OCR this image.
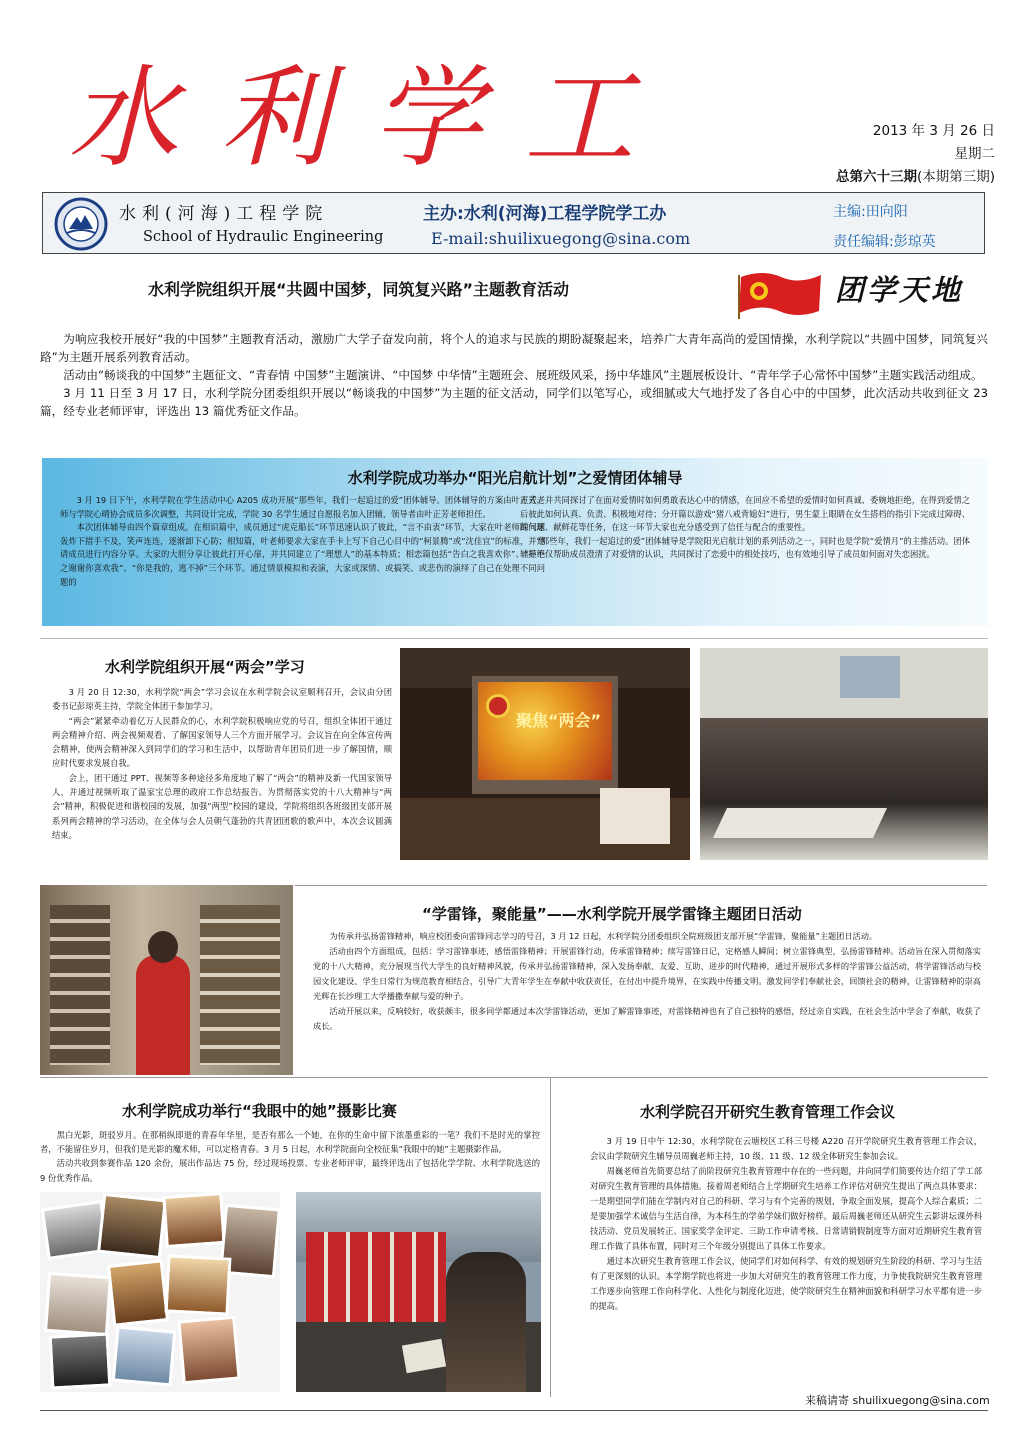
水利学工	2013 年 3 月 26 日
星期二
总第六十三期(本期第三期)
水利(河海)工程学院
School of Hydraulic Engineering
主办:水利(河海)工程学院学工办
E-mail:shuilixuegong@sina.com
主编:田向阳
责任编辑:彭琼英
水利学院组织开展“共圆中国梦，同筑复兴路”主题教育活动	团学天地

为响应我校开展好“我的中国梦”主题教育活动，激励广大学子奋发向前，将个人的追求与民族的期盼凝聚起来，培养广大青年高尚的爱国情操，水利学院以“共圆中国梦，同筑复兴路”为主题开展系列教育活动。

活动由“畅谈我的中国梦”主题征文、“青春情 中国梦”主题演讲、“中国梦 中华情”主题班会、展班级风采，扬中华雄风”主题展板设计、“青年学子心常怀中国梦”主题实践活动组成。

3 月 11 日至 3 月 17 日，水利学院分团委组织开展以“畅谈我的中国梦”为主题的征文活动，同学们以笔写心，或细腻或大气地抒发了各自心中的中国梦，此次活动共收到征文 23 篇，经专业老师评审，评选出 13 篇优秀征文作品。

水利学院成功举办“阳光启航计划”之爱情团体辅导

3 月 19 日下午，水利学院在学生活动中心 A205 成功开展“那些年，我们一起追过的爱”团体辅导。团体辅导的方案由叶正芳老师与学院心晴协会成员多次调整，共同设计完成，学院 30 名学生通过自愿报名加入团辅，领导者由叶正芳老师担任。

本次团体辅导由四个篇章组成。在相识篇中，成员通过“虎克船长”环节迅速认识了彼此，“言不由衷”环节，大家在叶老师的问题轰炸下措手不及，笑声连连，逐渐卸下心防；相知篇，叶老师要求大家在手卡上写下自己心目中的“柯景腾”或“沈佳宜”的标准，并邀请成员进行内容分享。大家的大胆分享让彼此打开心扉，并共同建立了“理想人”的基本特质；相恋篇包括“告白之我喜欢你”、“拒绝之谢谢你喜欢我”、“你是我的，逃不掉”三个环节。通过情景模拟和表演，大家或深情、或搞笑、或悲伤的演绎了自己在处理不同问题的

方式，并共同探讨了在面对爱情时如何勇敢表达心中的情感，在回应不希望的爱情时如何真诚、委婉地拒绝，在得到爱情之后彼此如何认真、负责、积极地对待；分开篇以游戏“猪八戒背媳妇”进行，男生蒙上眼睛在女生搭档的指引下完成过障碍、踩气球、献鲜花等任务，在这一环节大家也充分感受到了信任与配合的重要性。

“那些年，我们一起追过的爱”团体辅导是学院阳光启航计划的系列活动之一，同时也是学院“爱情月”的主推活动。团体辅导不仅帮助成员澄清了对爱情的认识，共同探讨了恋爱中的相处技巧，也有效地引导了成员如何面对失恋困扰。

水利学院组织开展“两会”学习

3 月 20 日 12:30，水利学院“两会”学习会议在水利学院会议室顺利召开，会议由分团委书记彭琼英主持，学院全体团干参加学习。

“两会”紧紧牵动着亿万人民群众的心，水利学院积极响应党的号召，组织全体团干通过两会精神介绍、两会视频观看、了解国家领导人三个方面开展学习。会议旨在向全体宣传两会精神，使两会精神深入到同学们的学习和生活中，以帮助青年团员们进一步了解国情，顺应时代要求发展自我。

会上，团干通过 PPT、视频等多种途径多角度地了解了“两会”的精神及新一代国家领导人，并通过视频听取了温家宝总理的政府工作总结报告。为贯彻落实党的十八大精神与“两会”精神，积极促进和谐校园的发展，加强“两型”校园的建设，学院将组织各班级团支部开展系列两会精神的学习活动，在全体与会人员朝气蓬勃的共青团团歌的歌声中，本次会议圆满结束。

聚焦“两会”
“学雷锋，聚能量”——水利学院开展学雷锋主题团日活动

为传承并弘扬雷锋精神，响应校团委向雷锋同志学习的号召，3 月 12 日起，水利学院分团委组织全院班级团支部开展“学雷锋，聚能量”主题团日活动。

活动由四个方面组成，包括：学习雷锋事迹，感悟雷锋精神；开展雷锋行动，传承雷锋精神；续写雷锋日记，定格感人瞬间；树立雷锋典型，弘扬雷锋精神。活动旨在深入贯彻落实党的十八大精神，充分展现当代大学生的良好精神风貌，传承并弘扬雷锋精神，深入发扬奉献、友爱、互助、进步的时代精神，通过开展形式多样的学雷锋公益活动，将学雷锋活动与校园文化建设、学生日常行为规范教育相结合，引导广大青年学生在奉献中收获责任，在付出中提升境界，在实践中传播文明。激发同学们奉献社会，回馈社会的精神，让雷锋精神的崇高光辉在长沙理工大学播撒奉献与爱的种子。

活动开展以来，反响较好，收获颇丰，很多同学都通过本次学雷锋活动，更加了解雷锋事迹，对雷锋精神也有了自己独特的感悟，经过亲自实践，在社会生活中学会了奉献，收获了成长。

水利学院成功举行“我眼中的她”摄影比赛

黑白光影，斑驳岁月。在那稍纵即逝的青春年华里，是否有那么一个她，在你的生命中留下浓墨重彩的一笔？我们不是时光的掌控者，不能留住岁月，但我们是光影的魔术师，可以定格青春。3 月 5 日起，水利学院面向全校征集“我眼中的她”主题摄影作品。

活动共收到参赛作品 120 余份，展出作品达 75 份，经过现场投票、专业老师评审，最终评选出了包括化学学院、水利学院选送的 9 份优秀作品。

水利学院召开研究生教育管理工作会议

3 月 19 日中午 12:30，水利学院在云塘校区工科三号楼 A220 召开学院研究生教育管理工作会议，会议由学院研究生辅导员周巍老师主持，10 级、11 级、12 级全体研究生参加会议。

周巍老师首先简要总结了前阶段研究生教育管理中存在的一些问题，并向同学们简要传达介绍了学工部对研究生教育管理的具体措施。接着周老师结合上学期研究生培养工作评估对研究生提出了两点具体要求：一是期望同学们能在学制内对自己的科研、学习与有个完善的规划，争取全面发展，提高个人综合素质；二是要加强学术诚信与生活自律，为本科生的学弟学妹们做好榜样。最后周巍老师还从研究生云影讲坛课外科技活动、党员发展转正、国家奖学金评定、三助工作申请考核、日常请销假制度等方面对近期研究生教育管理工作做了具体布置，同时对三个年级分别提出了具体工作要求。

通过本次研究生教育管理工作会议，使同学们对如何科学、有效的规划研究生阶段的科研、学习与生活有了更深刻的认识。本学期学院也将进一步加大对研究生的教育管理工作力度，力争使我院研究生教育管理工作逐步向管理工作向科学化、人性化与制度化迈进，使学院研究生在精神面貌和科研学习水平都有进一步的提高。

来稿请寄 shuilixuegong@sina.com
